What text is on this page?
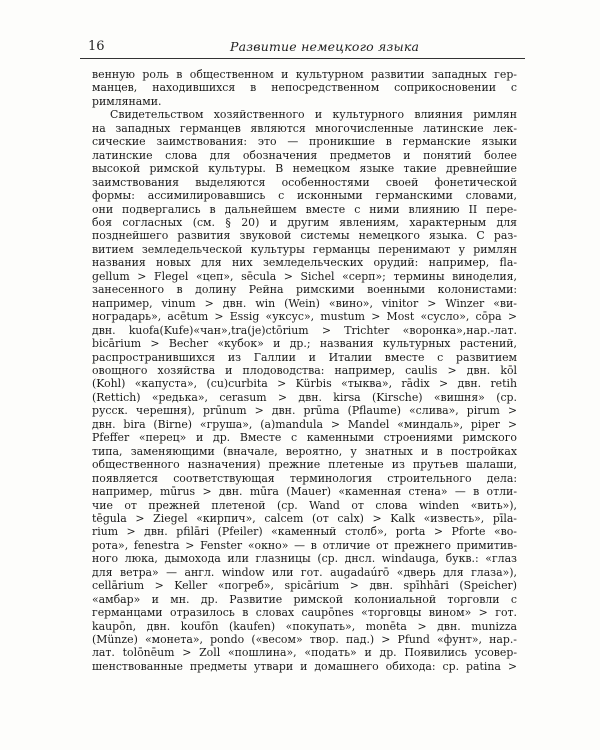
16	Развитие немецкого языка
венную роль в общественном и культурном развитии западных гер-
манцев, находившихся в непосредственном соприкосновении с
римлянами.
Свидетельством хозяйственного и культурного влияния римлян
на западных германцев являются многочисленные латинские лек-
сические заимствования: это — проникшие в германские языки
латинские слова для обозначения предметов и понятий более
высокой римской культуры. В немецком языке такие древнейшие
заимствования выделяются особенностями своей фонетической
формы: ассимилировавшись с исконными германскими словами,
они подвергались в дальнейшем вместе с ними влиянию II пере-
боя согласных (см. § 20) и другим явлениям, характерным для
позднейшего развития звуковой системы немецкого языка. С раз-
витием земледельческой культуры германцы перенимают у римлян
названия новых для них земледельческих орудий: например, fla-
gellum > Flegel «цеп», sēcula > Sichel «серп»; термины виноделия,
занесенного в долину Рейна римскими военными колонистами:
например, vinum > двн. win (Wein) «вино», vinitor > Winzer «ви-
ноградарь», acētum > Essig «уксус», mustum > Most «сусло», cōpa >
двн. kuofa(Kufe)«чан»,tra(je)ctōrium > Trichter «воронка»,нар.-лат.
bicārium > Becher «кубок» и др.; названия культурных растений,
распространившихся из Галлии и Италии вместе с развитием
овощного хозяйства и плодоводства: например, caulis > двн. kōl
(Kohl) «капуста», (cu)curbita > Kürbis «тыква», rādix > двн. retih
(Rettich) «редька», cerasum > двн. kirsa (Kirsche) «вишня» (ср.
русск. черешня), prūnum > двн. prūma (Pflaume) «слива», pirum >
двн. bira (Birne) «груша», (a)mandula > Mandel «миндаль», piper >
Pfeffer «перец» и др. Вместе с каменными строениями римского
типа, заменяющими (вначале, вероятно, у знатных и в постройках
общественного назначения) прежние плетеные из прутьев шалаши,
появляется соответствующая терминология строительного дела:
например, mūrus > двн. mūra (Mauer) «каменная стена» — в отли-
чие от прежней плетеной (ср. Wand от слова winden «вить»),
tēgula > Ziegel «кирпич», calcem (от calx) > Kalk «известь», pīla-
rium > двн. pfilāri (Pfeiler) «каменный столб», porta > Pforte «во-
рота», fenestra > Fenster «окно» — в отличие от прежнего примитив-
ного люка, дымохода или глазницы (ср. днсл. windauga, букв.: «глаз
для ветра» — англ. window или гот. augadaúrō «дверь для глаза»),
cellārium > Keller «погреб», spicārium > двн. spīhhāri (Speicher)
«амбар» и мн. др. Развитие римской колониальной торговли с
германцами отразилось в словах caupōnes «торговцы вином» > гот.
kaupōn, двн. koufōn (kaufen) «покупать», monēta > двн. munizza
(Münze) «монета», pondo («весом» твор. пад.) > Pfund «фунт», нар.-
лат. tolōnēum > Zoll «пошлина», «подать» и др. Появились усовер-
шенствованные предметы утвари и домашнего обихода: ср. patina >
